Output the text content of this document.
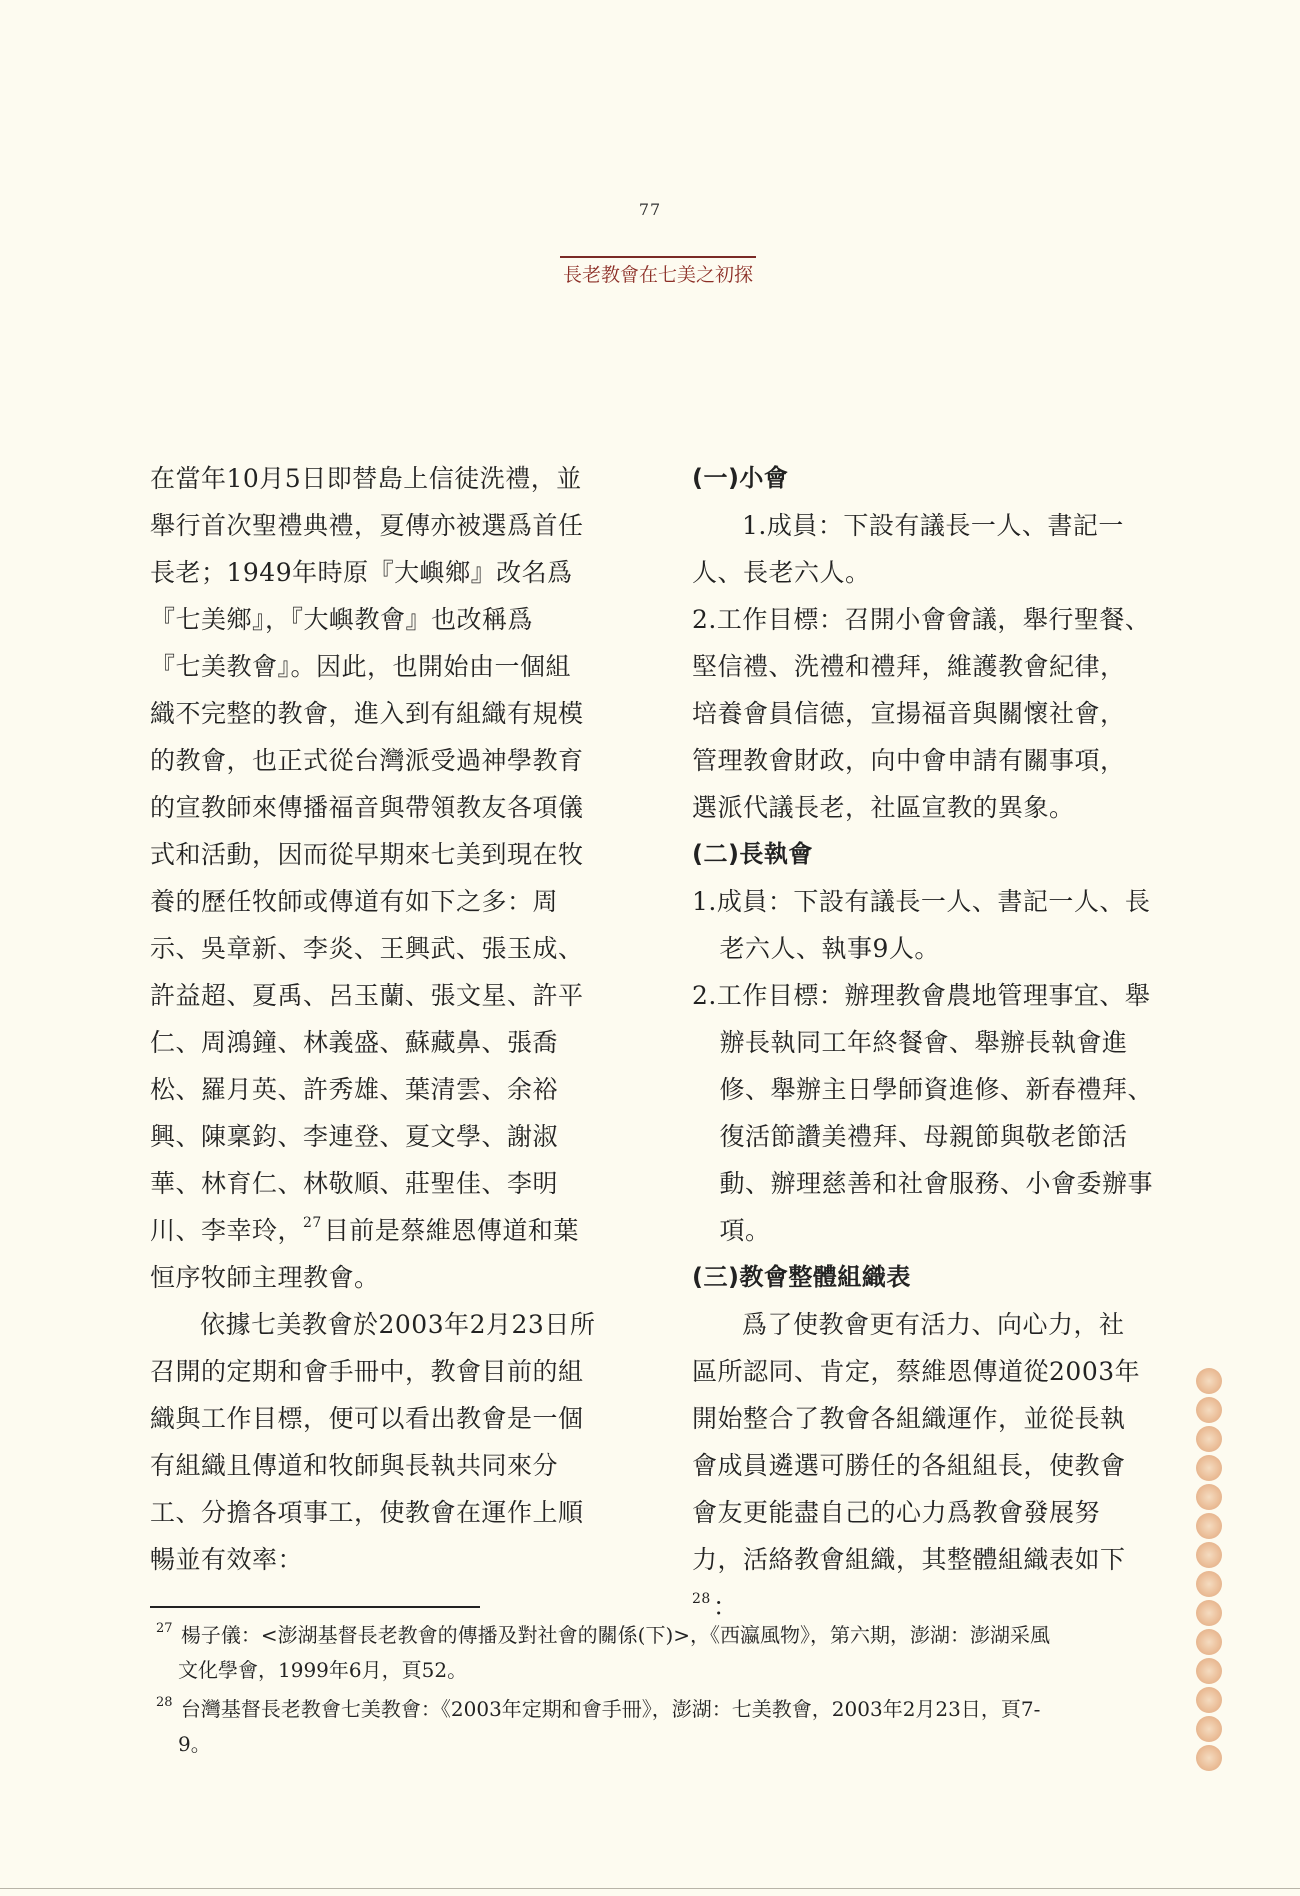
77
長老教會在七美之初探

在當年10月5日即替島上信徒洗禮，並

舉行首次聖禮典禮，夏傳亦被選爲首任

長老；1949年時原『大嶼鄉』改名爲

『七美鄉』，『大嶼教會』也改稱爲

『七美教會』。因此，也開始由一個組

織不完整的教會，進入到有組織有規模

的教會，也正式從台灣派受過神學教育

的宣教師來傳播福音與帶領教友各項儀

式和活動，因而從早期來七美到現在牧

養的歷任牧師或傳道有如下之多：周

示、吳章新、李炎、王興武、張玉成、

許益超、夏禹、呂玉蘭、張文星、許平

仁、周鴻鐘、林義盛、蘇藏鼻、張喬

松、羅月英、許秀雄、葉清雲、余裕

興、陳稟鈞、李連登、夏文學、謝淑

華、林育仁、林敬順、莊聖佳、李明

川、李幸玲，$^{27}$目前是蔡維恩傳道和葉

恒序牧師主理教會。

依據七美教會於2003年2月23日所

召開的定期和會手冊中，教會目前的組

織與工作目標，便可以看出教會是一個

有組織且傳道和牧師與長執共同來分

工、分擔各項事工，使教會在運作上順

暢並有效率：

(一)小會

1.成員：下設有議長一人、書記一

人、長老六人。

2.工作目標：召開小會會議，舉行聖餐、

堅信禮、洗禮和禮拜，維護教會紀律，

培養會員信德，宣揚福音與關懷社會，

管理教會財政，向中會申請有關事項，

選派代議長老，社區宣教的異象。

(二)長執會

1.成員：下設有議長一人、書記一人、長

老六人、執事9人。

2.工作目標：辦理教會農地管理事宜、舉

辦長執同工年終餐會、舉辦長執會進

修、舉辦主日學師資進修、新春禮拜、

復活節讚美禮拜、母親節與敬老節活

動、辦理慈善和社會服務、小會委辦事

項。

(三)教會整體組織表

爲了使教會更有活力、向心力，社

區所認同、肯定，蔡維恩傳道從2003年

開始整合了教會各組織運作，並從長執

會成員遴選可勝任的各組組長，使教會

會友更能盡自己的心力爲教會發展努

力，活絡教會組織，其整體組織表如下$^{28}$：

$^{27}$ 楊子儀：<澎湖基督長老教會的傳播及對社會的關係(下)>，《西瀛風物》，第六期，澎湖：澎湖采風
文化學會，1999年6月，頁52。

$^{28}$ 台灣基督長老教會七美教會：《2003年定期和會手冊》，澎湖：七美教會，2003年2月23日，頁7-
9。
